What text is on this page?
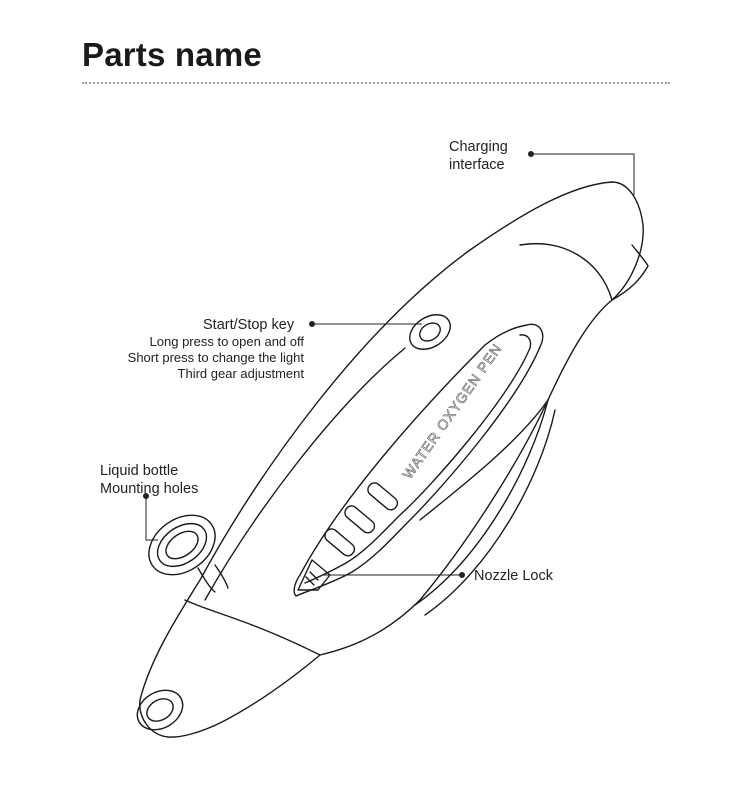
Parts name
WATER OXYGEN PEN
Charging
interface
Start/Stop key
Long press to open and off
Short press to change the light
Third gear adjustment
Liquid bottle
Mounting holes
Nozzle Lock
